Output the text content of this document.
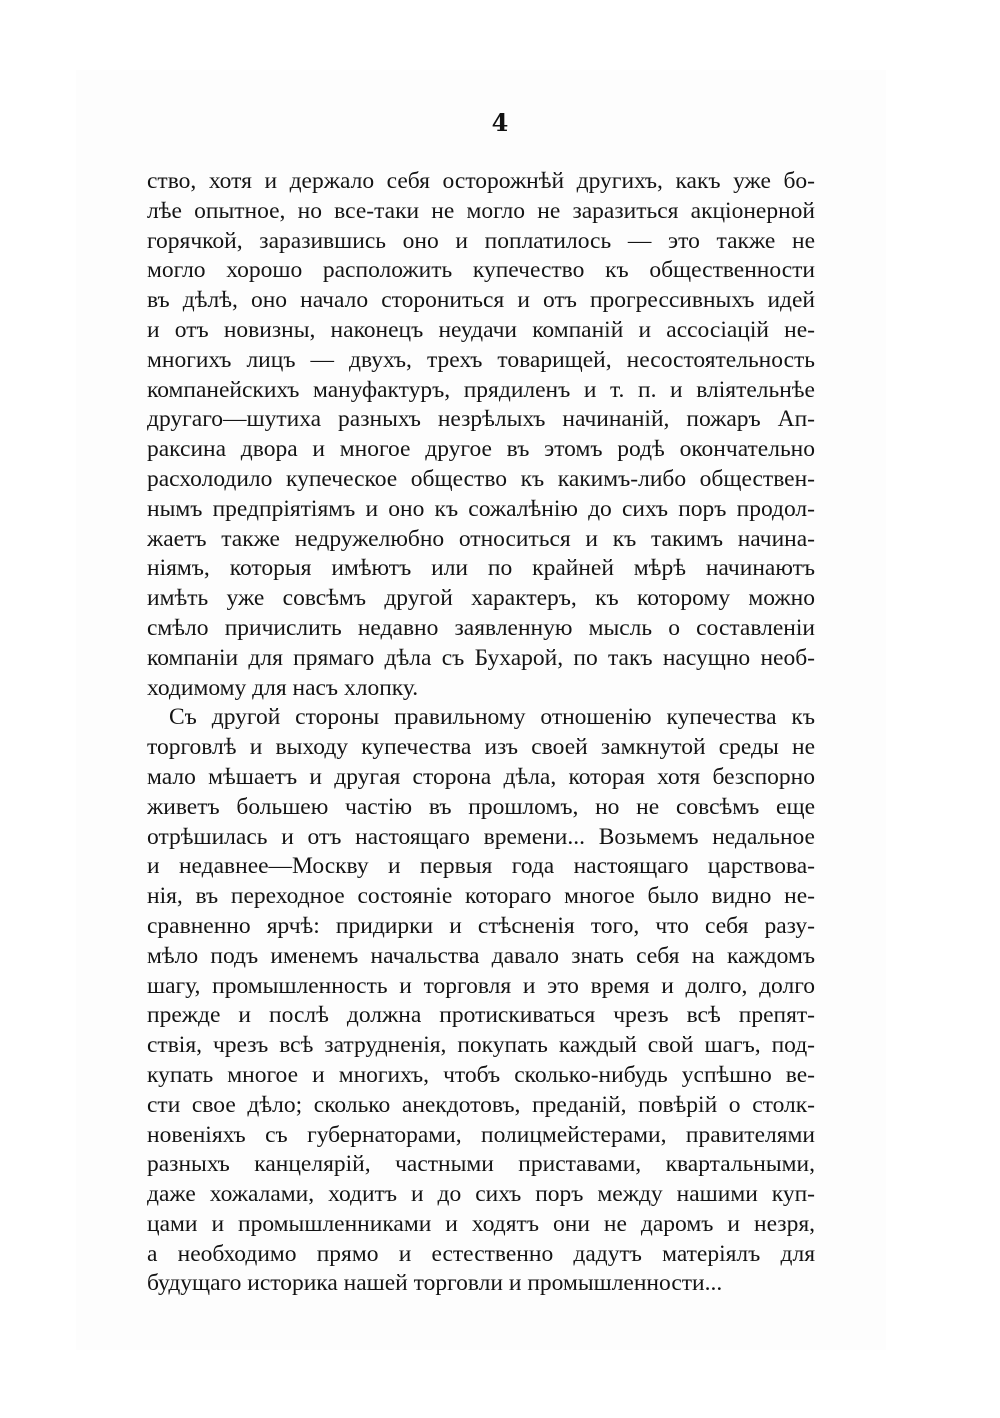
4
ство, хотя и держало себя осторожнѣй другихъ, какъ уже бо-
лѣе опытное, но все-таки не могло не заразиться акціонерной
горячкой, заразившись оно и поплатилось — это также не
могло хорошо расположить купечество къ общественности
въ дѣлѣ, оно начало сторониться и отъ прогрессивныхъ идей
и отъ новизны, наконецъ неудачи компаній и ассосіацій не-
многихъ лицъ — двухъ, трехъ товарищей, несостоятельность
компанейскихъ мануфактуръ, прядиленъ и т. п. и вліятельнѣе
другаго—шутиха разныхъ незрѣлыхъ начинаній, пожаръ Ап-
раксина двора и многое другое въ этомъ родѣ окончательно
расхолодило купеческое общество къ какимъ-либо обществен-
нымъ предпріятіямъ и оно къ сожалѣнію до сихъ поръ продол-
жаетъ также недружелюбно относиться и къ такимъ начина-
ніямъ, которыя имѣютъ или по крайней мѣрѣ начинаютъ
имѣть уже совсѣмъ другой характеръ, къ которому можно
смѣло причислить недавно заявленную мысль о составленіи
компаніи для прямаго дѣла съ Бухарой, по такъ насущно необ-
ходимому для насъ хлопку.
Съ другой стороны правильному отношенію купечества къ
торговлѣ и выходу купечества изъ своей замкнутой среды не
мало мѣшаетъ и другая сторона дѣла, которая хотя безспорно
живетъ большею частію въ прошломъ, но не совсѣмъ еще
отрѣшилась и отъ настоящаго времени... Возьмемъ недальное
и недавнее—Москву и первыя года настоящаго царствова-
нія, въ переходное состояніе котораго многое было видно не-
сравненно ярчѣ: придирки и стѣсненія того, что себя разу-
мѣло подъ именемъ начальства давало знать себя на каждомъ
шагу, промышленность и торговля и это время и долго, долго
прежде и послѣ должна протискиваться чрезъ всѣ препят-
ствія, чрезъ всѣ затрудненія, покупать каждый свой шагъ, под-
купать многое и многихъ, чтобъ сколько-нибудь успѣшно ве-
сти свое дѣло; сколько анекдотовъ, преданій, повѣрій о столк-
новеніяхъ съ губернаторами, полицмейстерами, правителями
разныхъ канцелярій, частными приставами, квартальными,
даже хожалами, ходитъ и до сихъ поръ между нашими куп-
цами и промышленниками и ходятъ они не даромъ и незря,
а необходимо прямо и естественно дадутъ матеріялъ для
будущаго историка нашей торговли и промышленности...
